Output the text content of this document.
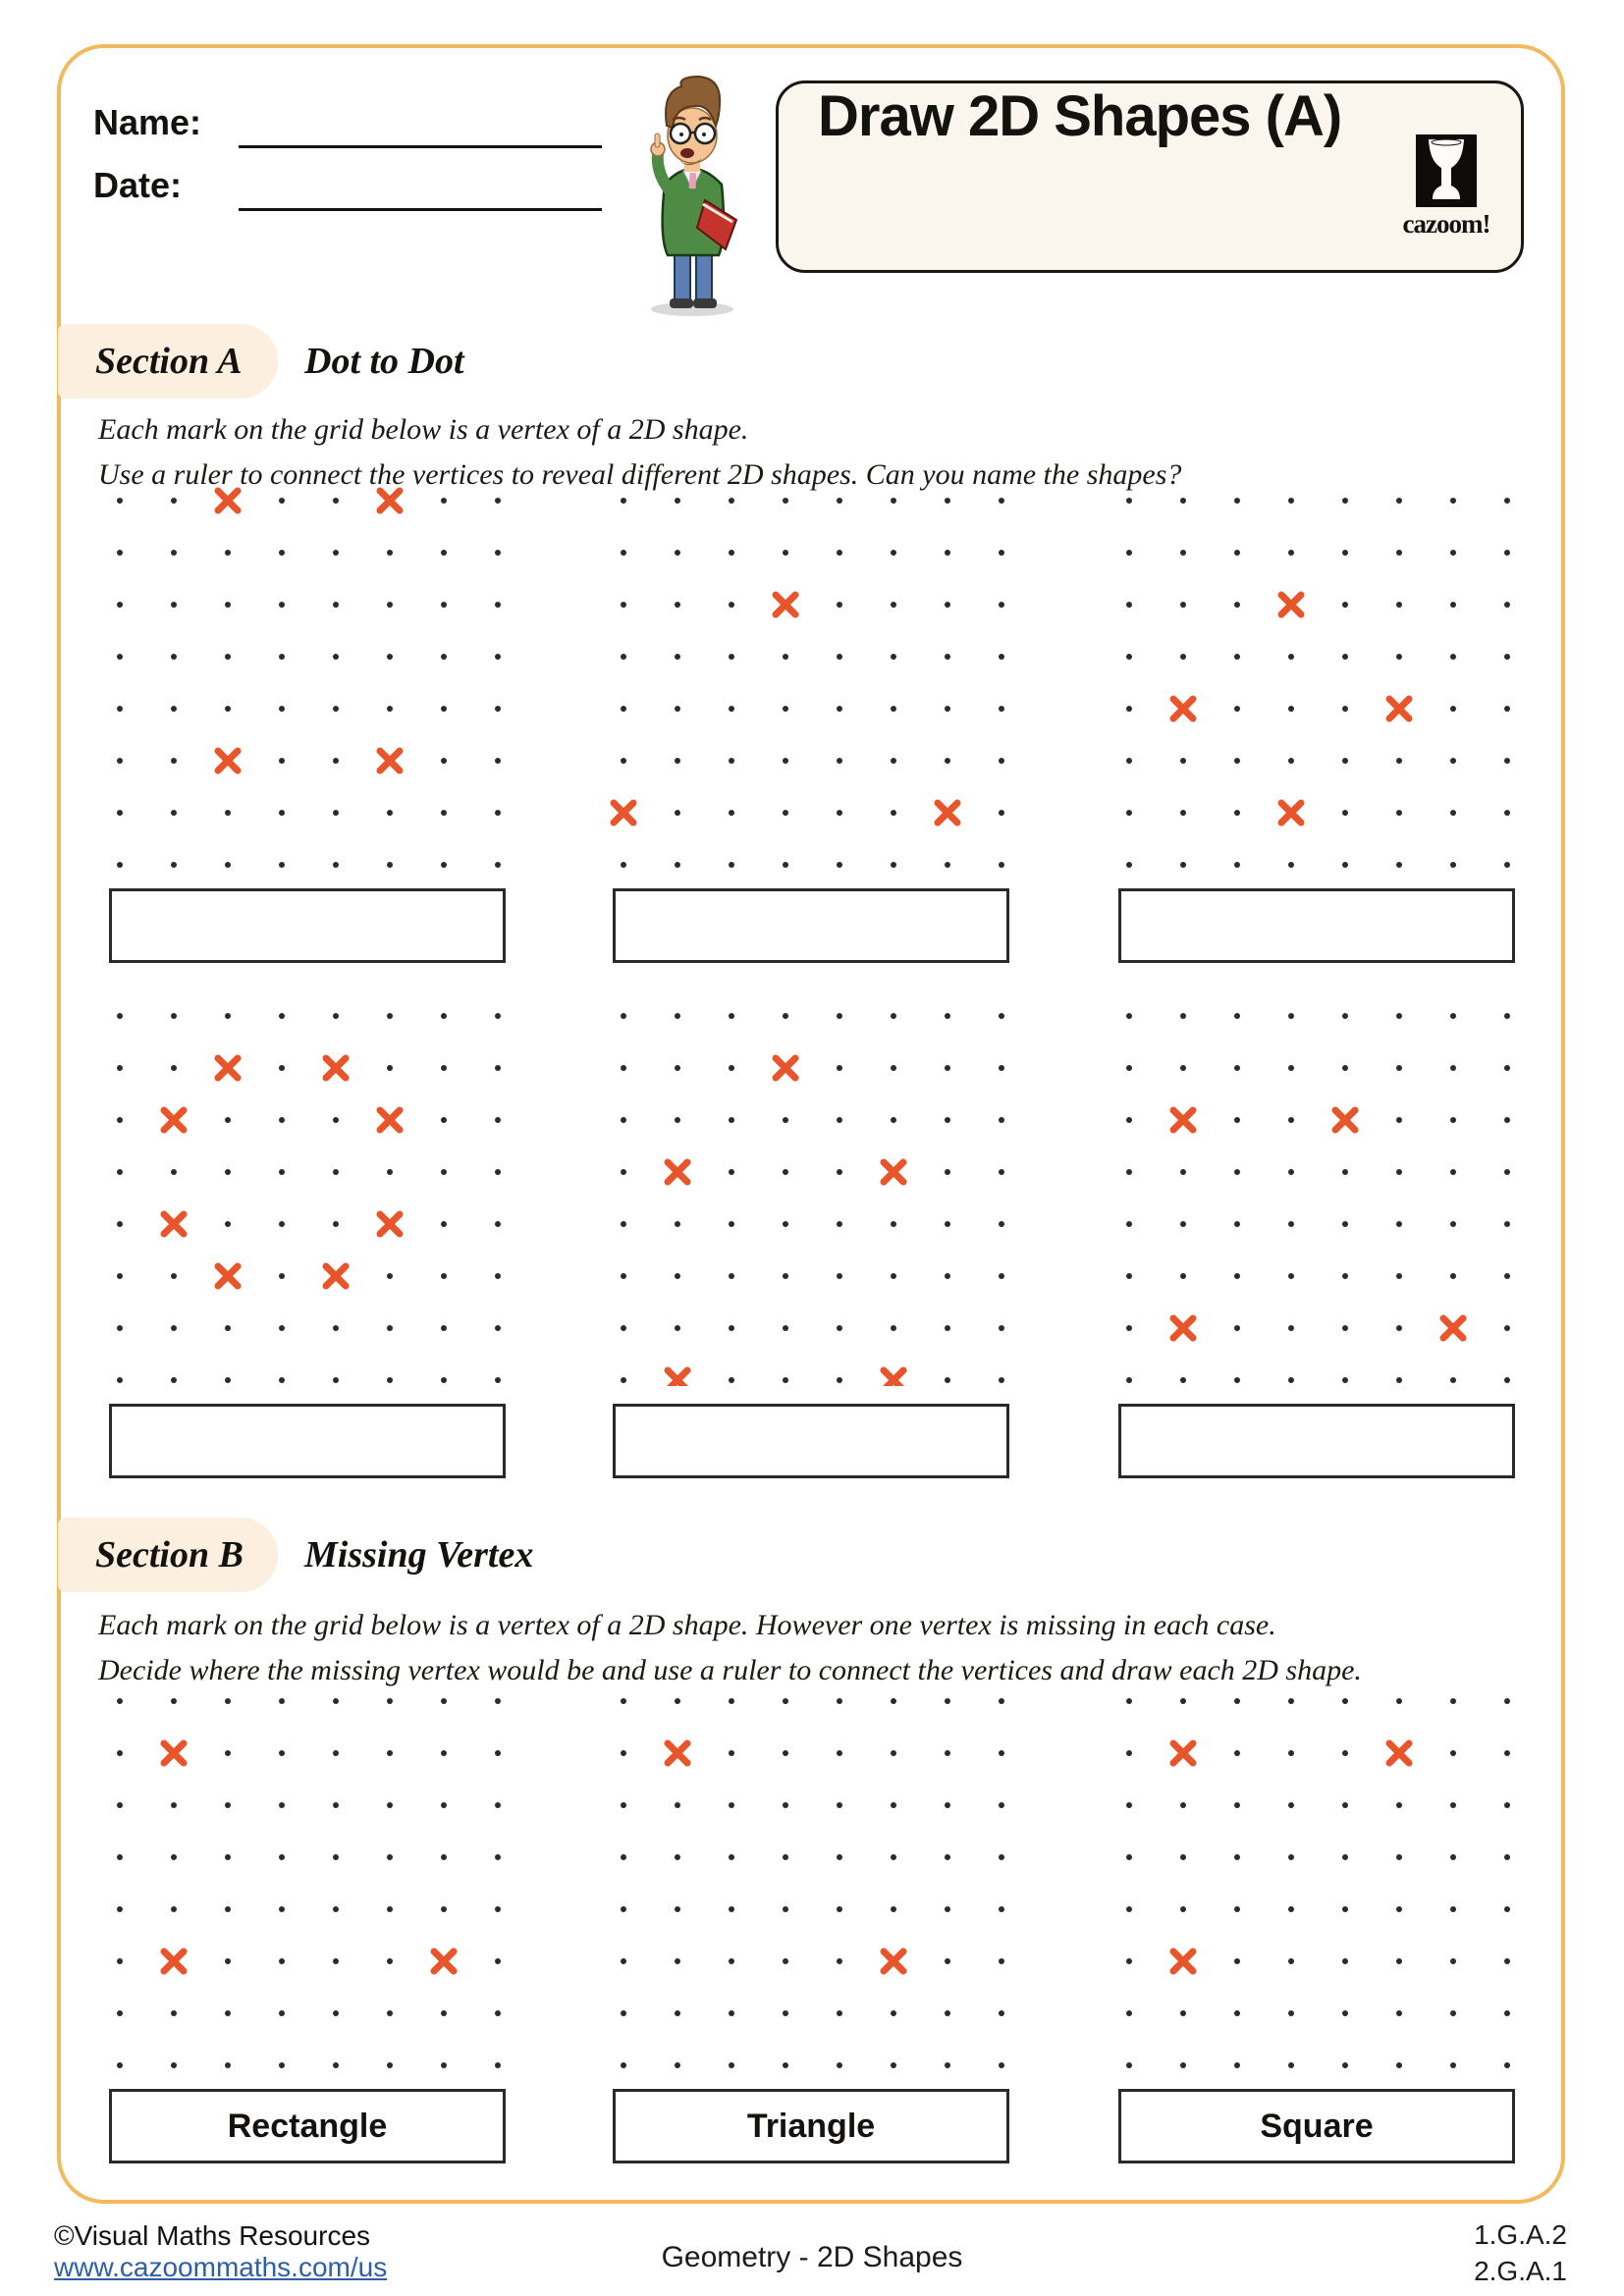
Name:
Date:
Draw 2D Shapes (A)
cazoom!
Section A Dot to Dot
Each mark on the grid below is a vertex of a 2D shape.
Use a ruler to connect the vertices to reveal different 2D shapes. Can you name the shapes?
Section B Missing Vertex
Each mark on the grid below is a vertex of a 2D shape. However one vertex is missing in each case.
Decide where the missing vertex would be and use a ruler to connect the vertices and draw each 2D shape.
©Visual Maths Resources
www.cazoommaths.com/us	Geometry - 2D Shapes
1.G.A.2
2.G.A.1
Rectangle	Triangle	Square
